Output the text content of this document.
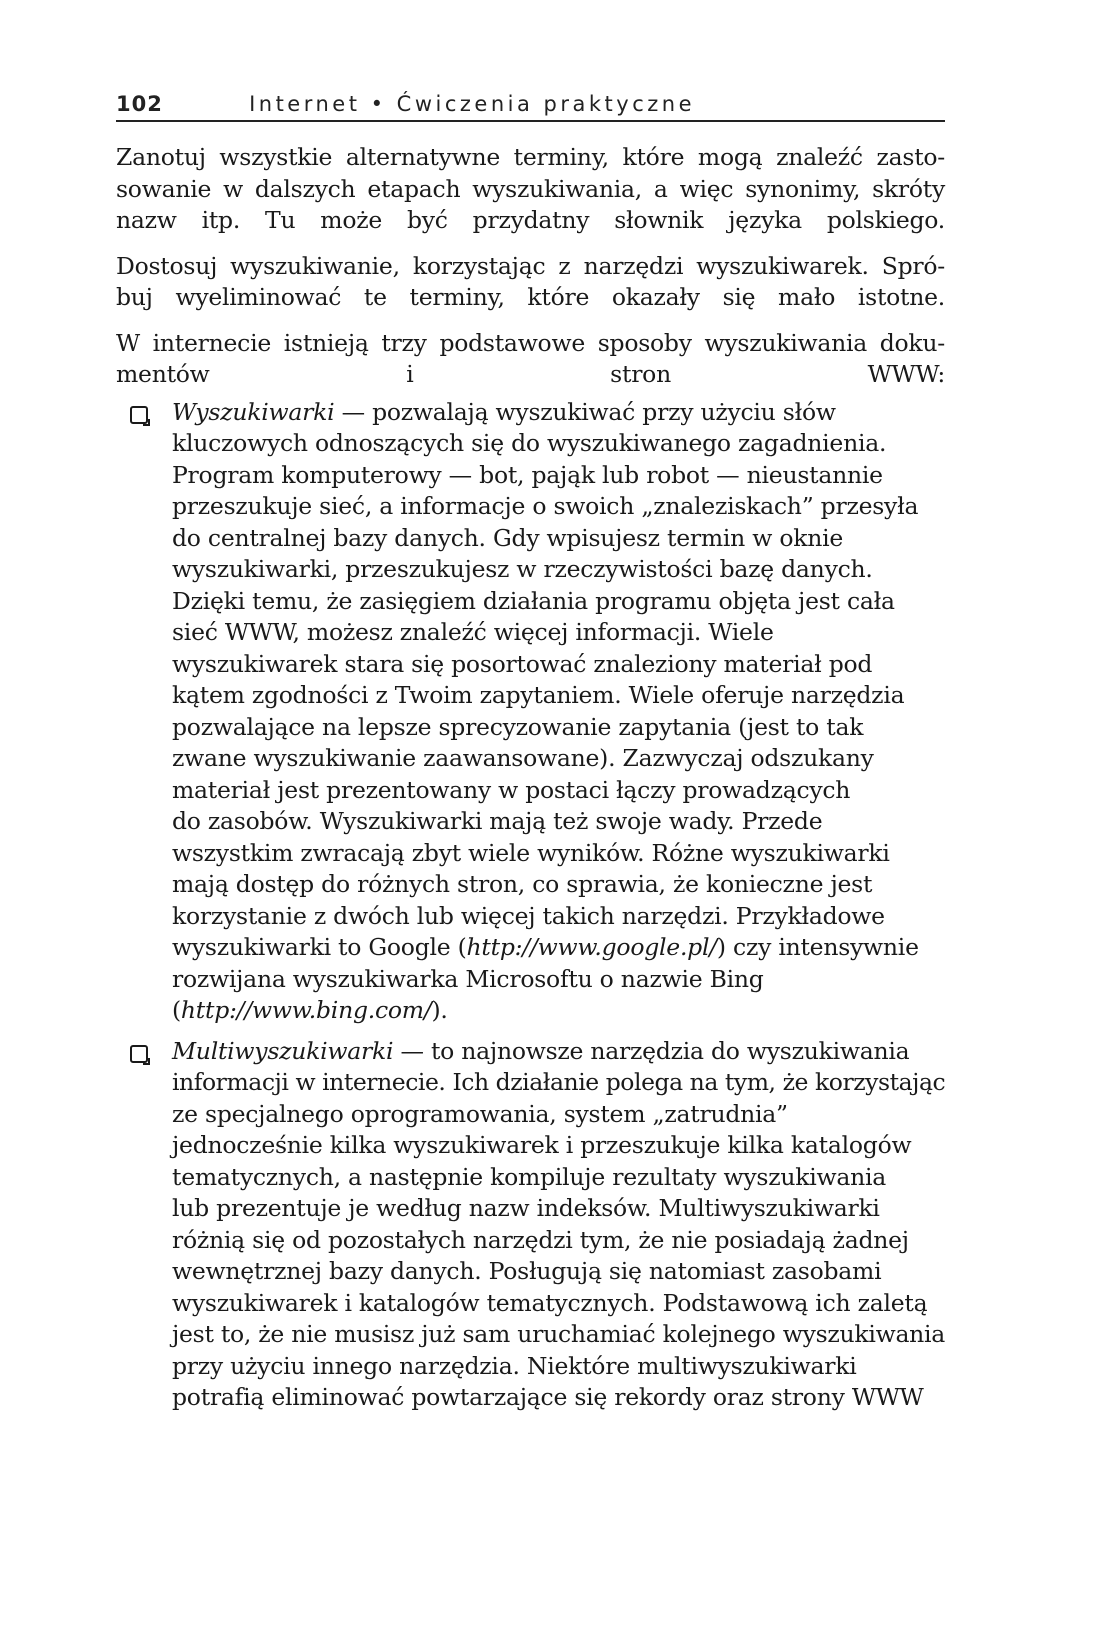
102	Internet • Ćwiczenia praktyczne

Zanotuj wszystkie alternatywne terminy, które mogą znaleźć zasto-
sowanie w dalszych etapach wyszukiwania, a więc synonimy, skróty
nazw itp. Tu może być przydatny słownik języka polskiego.

Dostosuj wyszukiwanie, korzystając z narzędzi wyszukiwarek. Spró-
buj wyeliminować te terminy, które okazały się mało istotne.

W internecie istnieją trzy podstawowe sposoby wyszukiwania doku-
mentów i stron WWW:

Wyszukiwarki — pozwalają wyszukiwać przy użyciu słów
kluczowych odnoszących się do wyszukiwanego zagadnienia.
Program komputerowy — bot, pająk lub robot — nieustannie
przeszukuje sieć, a informacje o swoich „znaleziskach” przesyła
do centralnej bazy danych. Gdy wpisujesz termin w oknie
wyszukiwarki, przeszukujesz w rzeczywistości bazę danych.
Dzięki temu, że zasięgiem działania programu objęta jest cała
sieć WWW, możesz znaleźć więcej informacji. Wiele
wyszukiwarek stara się posortować znaleziony materiał pod
kątem zgodności z Twoim zapytaniem. Wiele oferuje narzędzia
pozwalające na lepsze sprecyzowanie zapytania (jest to tak
zwane wyszukiwanie zaawansowane). Zazwyczaj odszukany
materiał jest prezentowany w postaci łączy prowadzących
do zasobów. Wyszukiwarki mają też swoje wady. Przede
wszystkim zwracają zbyt wiele wyników. Różne wyszukiwarki
mają dostęp do różnych stron, co sprawia, że konieczne jest
korzystanie z dwóch lub więcej takich narzędzi. Przykładowe
wyszukiwarki to Google (http://www.google.pl/) czy intensywnie
rozwijana wyszukiwarka Microsoftu o nazwie Bing
(http://www.bing.com/).
Multiwyszukiwarki — to najnowsze narzędzia do wyszukiwania
informacji w internecie. Ich działanie polega na tym, że korzystając
ze specjalnego oprogramowania, system „zatrudnia”
jednocześnie kilka wyszukiwarek i przeszukuje kilka katalogów
tematycznych, a następnie kompiluje rezultaty wyszukiwania
lub prezentuje je według nazw indeksów. Multiwyszukiwarki
różnią się od pozostałych narzędzi tym, że nie posiadają żadnej
wewnętrznej bazy danych. Posługują się natomiast zasobami
wyszukiwarek i katalogów tematycznych. Podstawową ich zaletą
jest to, że nie musisz już sam uruchamiać kolejnego wyszukiwania
przy użyciu innego narzędzia. Niektóre multiwyszukiwarki
potrafią eliminować powtarzające się rekordy oraz strony WWW
